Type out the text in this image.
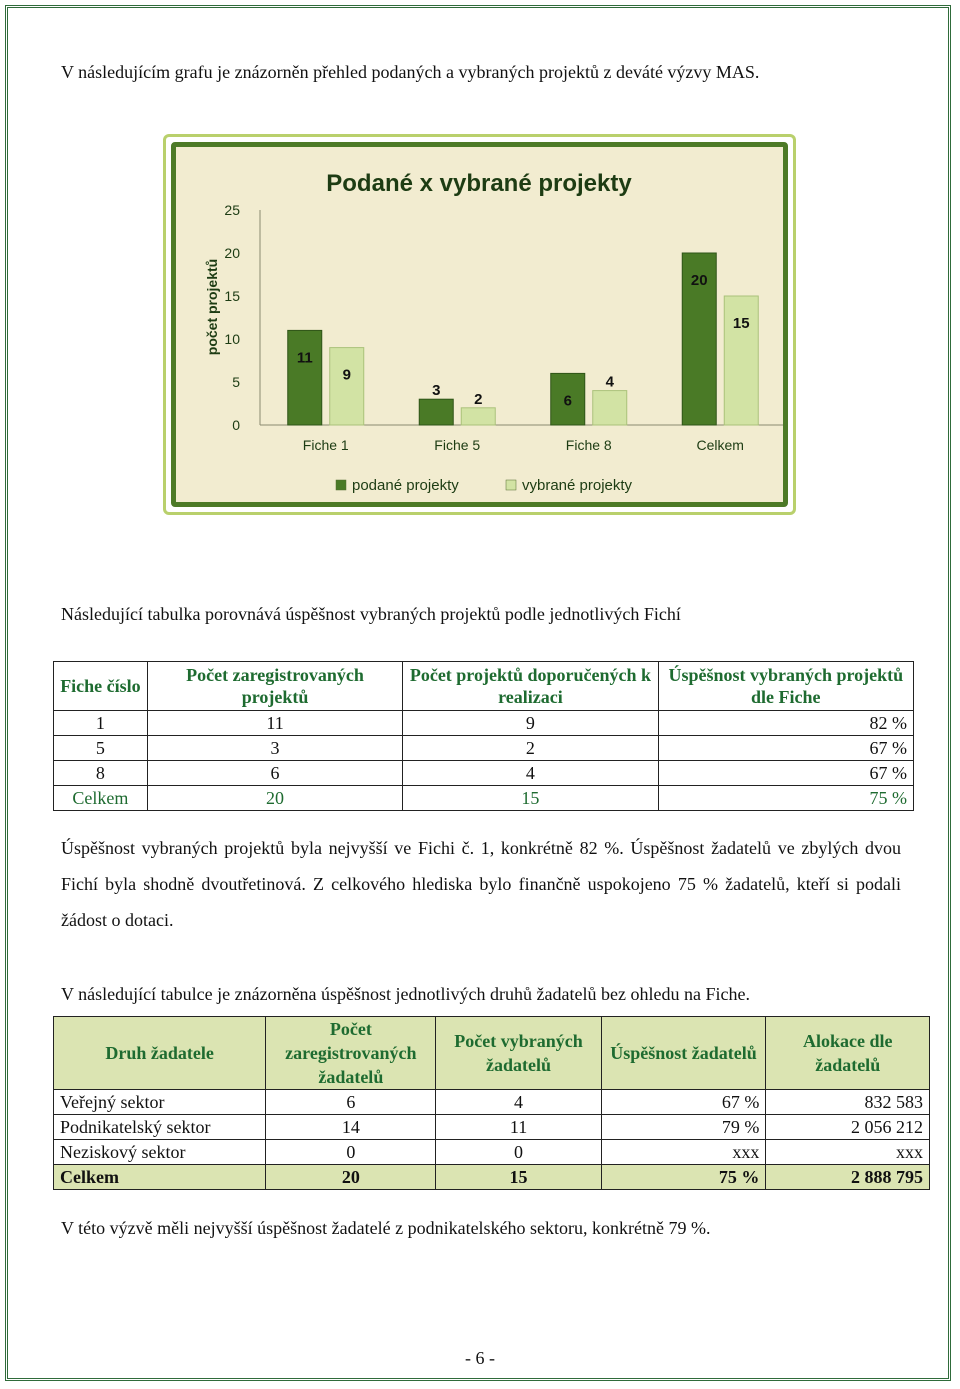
V následujícím grafu je znázorněn přehled podaných a vybraných projektů z deváté výzvy MAS.

Podané x vybrané projekty
počet projektů
0
5
10
15
20
25
Fiche 1
11
9
Fiche 5
3
2
Fiche 8
6
4
Celkem
20
15
podané projekty	vybrané projekty

Následující tabulka porovnává úspěšnost vybraných projektů podle jednotlivých Fichí

Fiche číslo	Počet zaregistrovaných projektů	Počet projektů doporučených k realizaci	Úspěšnost vybraných projektů dle Fiche
1	11	9	82 %
5	3	2	67 %
8	6	4	67 %
Celkem	20	15	75 %

Úspěšnost vybraných projektů byla nejvyšší ve Fichi č. 1, konkrétně 82 %. Úspěšnost žadatelů ve zbylých dvou Fichí byla shodně dvoutřetinová. Z celkového hlediska bylo finančně uspokojeno 75 % žadatelů, kteří si podali žádost o dotaci.

V následující tabulce je znázorněna úspěšnost jednotlivých druhů žadatelů bez ohledu na Fiche.

Druh žadatele	Počet zaregistrovaných žadatelů	Počet vybraných žadatelů	Úspěšnost žadatelů	Alokace dle žadatelů
Veřejný sektor	6	4	67 %	832 583
Podnikatelský sektor	14	11	79 %	2 056 212
Neziskový sektor	0	0	xxx	xxx
Celkem	20	15	75 %	2 888 795

V této výzvě měli nejvyšší úspěšnost žadatelé z podnikatelského sektoru, konkrétně 79 %.

- 6 -
